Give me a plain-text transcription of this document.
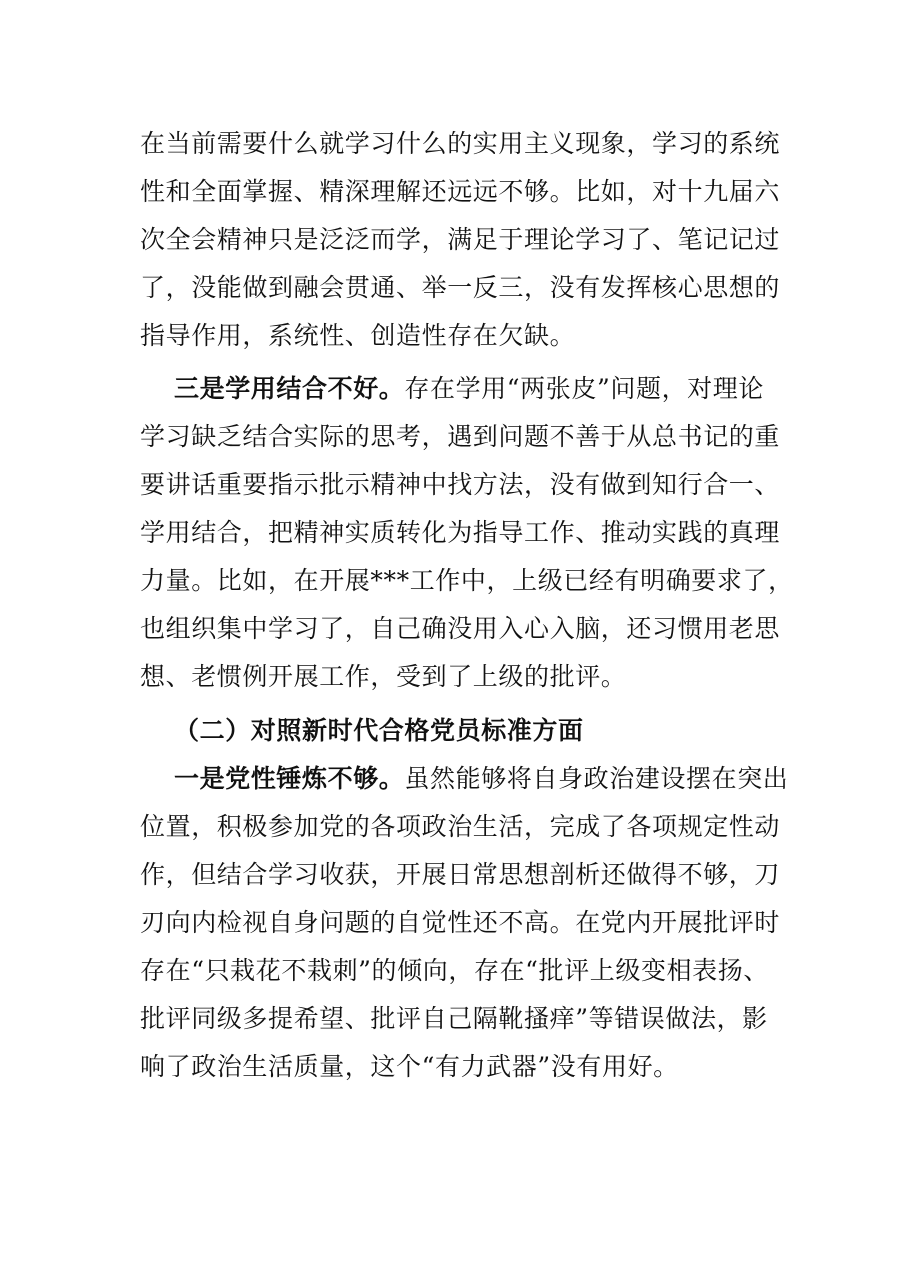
在当前需要什么就学习什么的实用主义现象，学习的系统
性和全面掌握、精深理解还远远不够。比如，对十九届六
次全会精神只是泛泛而学，满足于理论学习了、笔记记过
了，没能做到融会贯通、举一反三，没有发挥核心思想的
指导作用，系统性、创造性存在欠缺。
三是学用结合不好。存在学用“两张皮”问题，对理论
学习缺乏结合实际的思考，遇到问题不善于从总书记的重
要讲话重要指示批示精神中找方法，没有做到知行合一、
学用结合，把精神实质转化为指导工作、推动实践的真理
力量。比如，在开展***工作中，上级已经有明确要求了，
也组织集中学习了，自己确没用入心入脑，还习惯用老思
想、老惯例开展工作，受到了上级的批评。
（二）对照新时代合格党员标准方面
一是党性锤炼不够。虽然能够将自身政治建设摆在突出
位置，积极参加党的各项政治生活，完成了各项规定性动
作，但结合学习收获，开展日常思想剖析还做得不够，刀
刃向内检视自身问题的自觉性还不高。在党内开展批评时
存在“只栽花不栽刺”的倾向，存在“批评上级变相表扬、
批评同级多提希望、批评自己隔靴搔痒”等错误做法，影
响了政治生活质量，这个“有力武器”没有用好。
